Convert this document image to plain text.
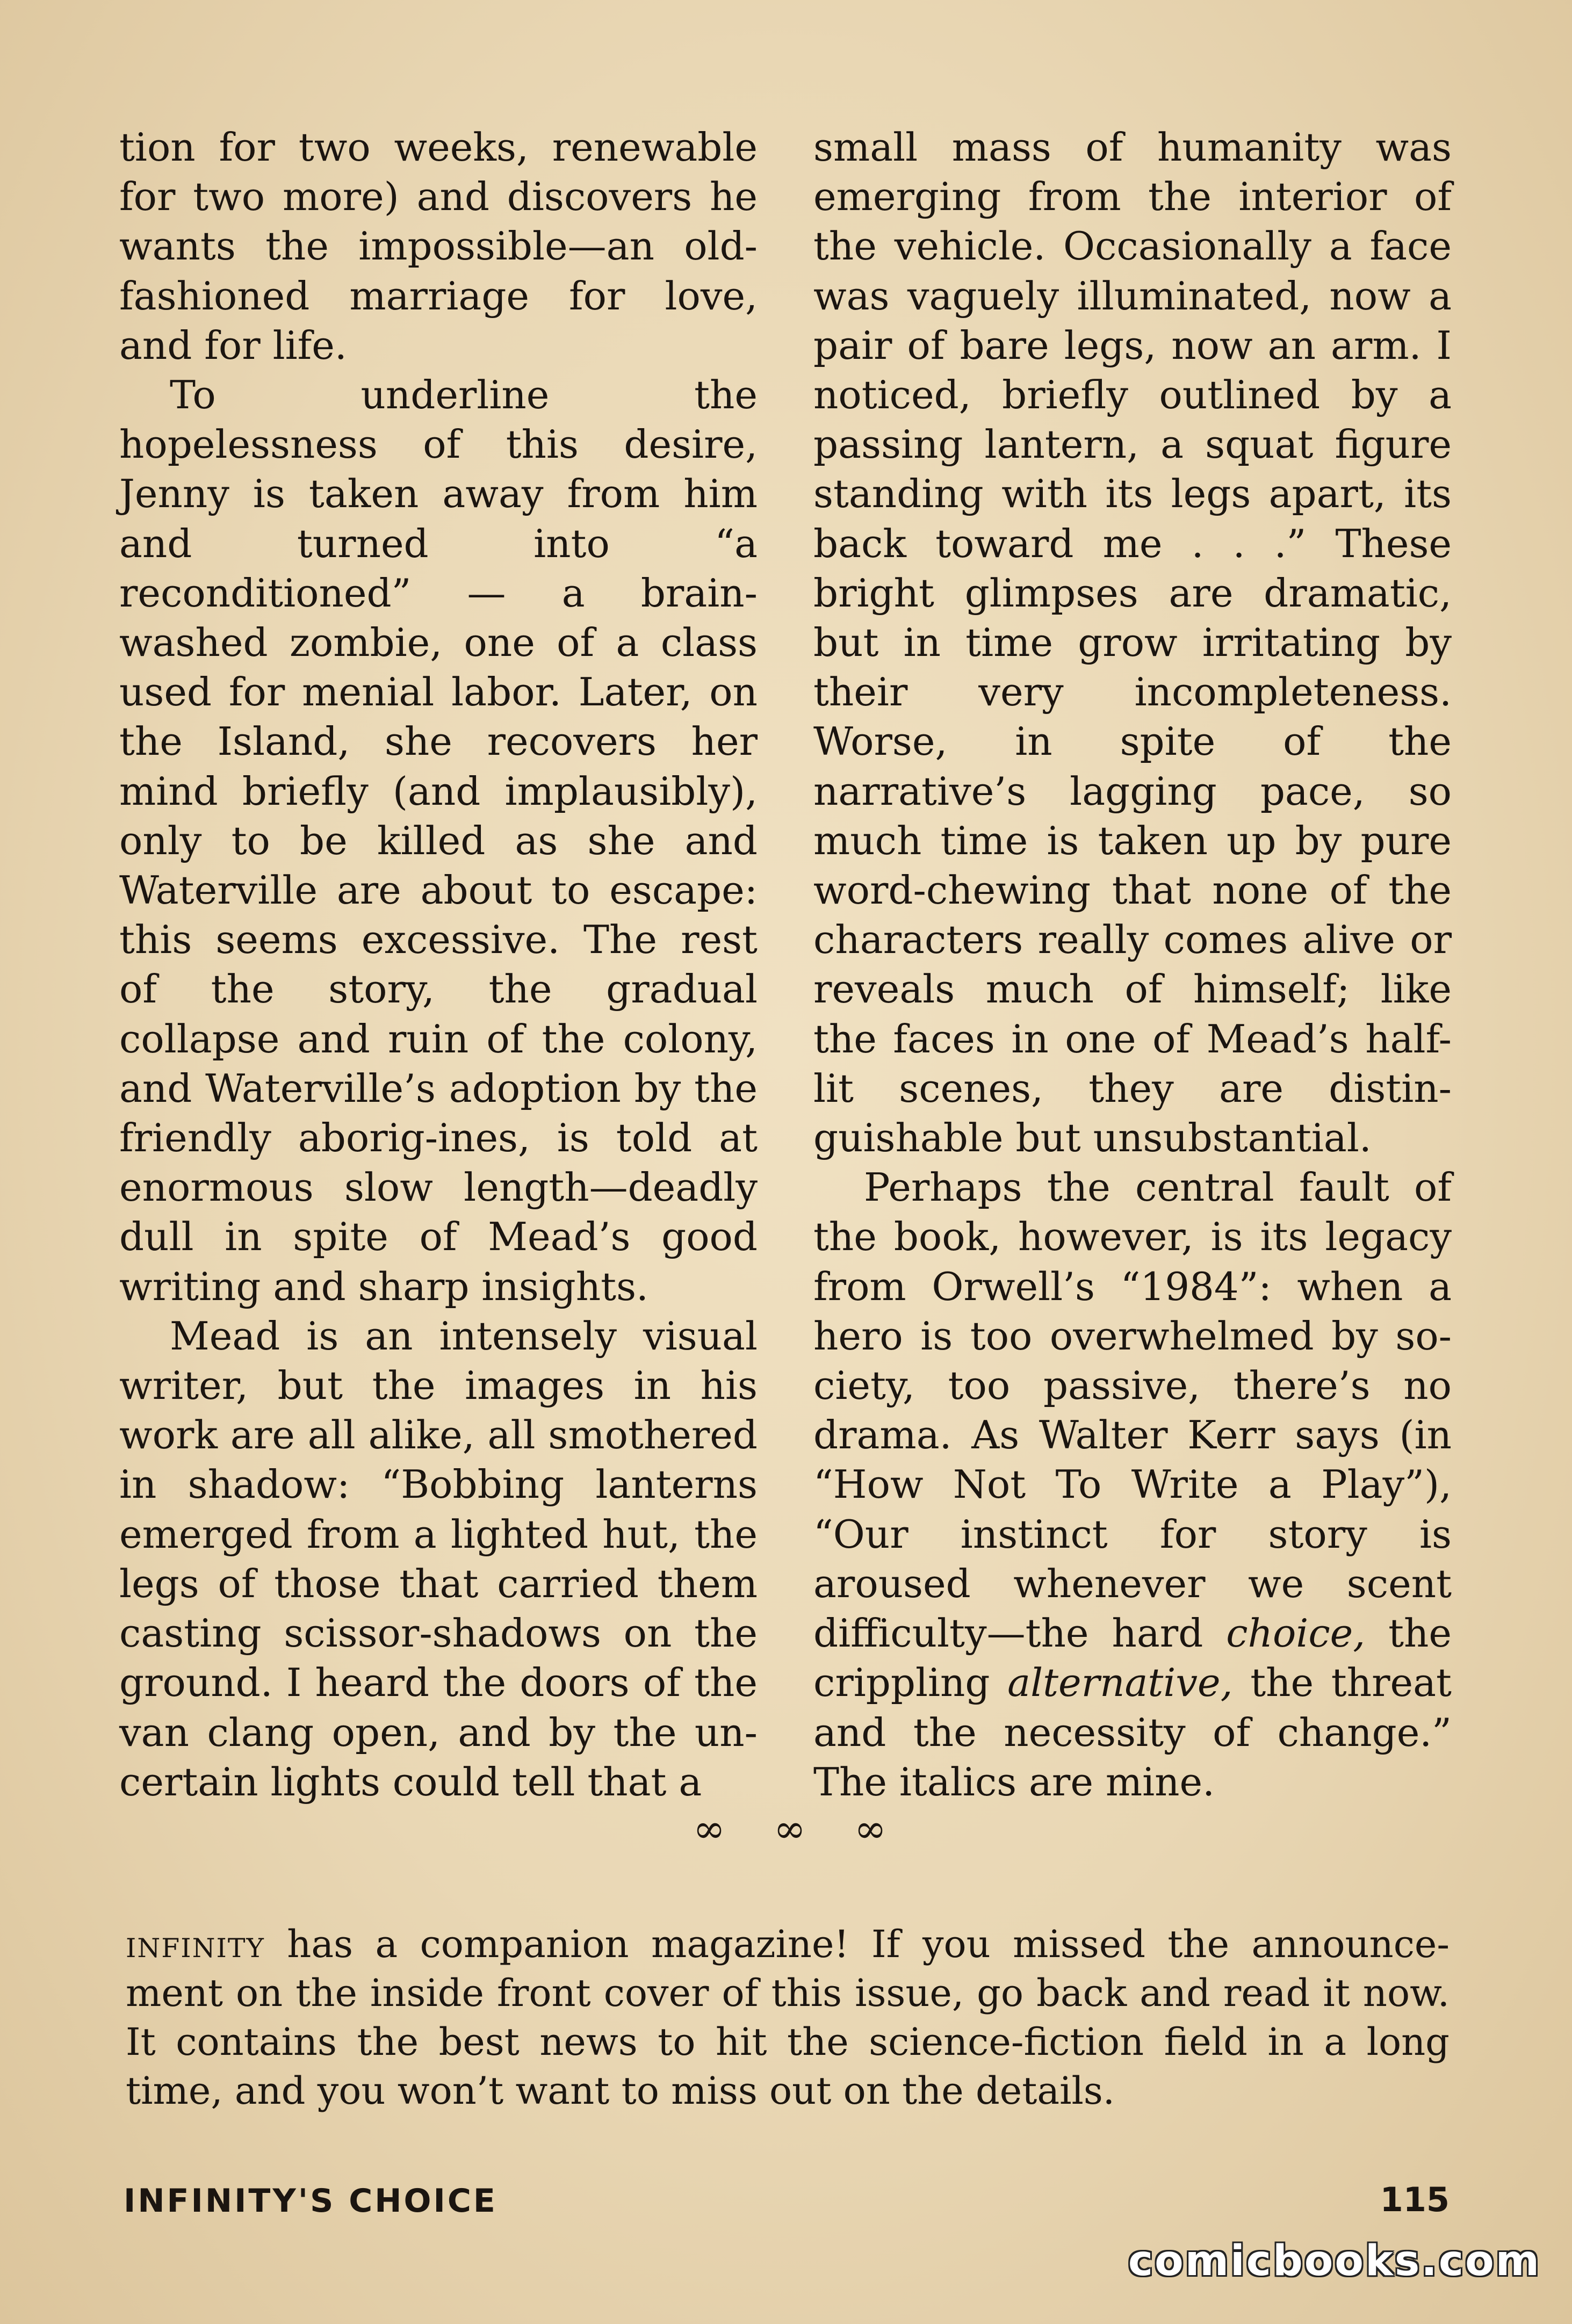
tion for two weeks, renewable for two more) and discovers he wants the impossible—an old-fashioned marriage for love, and for life.

To underline the hopelessness of this desire, Jenny is taken away from him and turned into “a reconditioned” — a brain-washed zombie, one of a class used for menial labor. Later, on the Island, she recovers her mind briefly (and implausibly), only to be killed as she and Waterville are about to escape: this seems excessive. The rest of the story, the gradual collapse and ruin of the colony, and Waterville’s adoption by the friendly aborig-ines, is told at enormous slow length—deadly dull in spite of Mead’s good writing and sharp insights.

Mead is an intensely visual writer, but the images in his work are all alike, all smothered in shadow: “Bobbing lanterns emerged from a lighted hut, the legs of those that carried them casting scissor-shadows on the ground. I heard the doors of the van clang open, and by the un-certain lights could tell that a

small mass of humanity was emerging from the interior of the vehicle. Occasionally a face was vaguely illuminated, now a pair of bare legs, now an arm. I noticed, briefly outlined by a passing lantern, a squat figure standing with its legs apart, its back toward me . . .” These bright glimpses are dramatic, but in time grow irritating by their very incompleteness. Worse, in spite of the narrative’s lagging pace, so much time is taken up by pure word-chewing that none of the characters really comes alive or reveals much of himself; like the faces in one of Mead’s half-lit scenes, they are distin-guishable but unsubstantial.

Perhaps the central fault of the book, however, is its legacy from Orwell’s “1984”: when a hero is too overwhelmed by so-ciety, too passive, there’s no drama. As Walter Kerr says (in “How Not To Write a Play”), “Our instinct for story is aroused whenever we scent difficulty—the hard choice, the crippling alternative, the threat and the necessity of change.” The italics are mine.

∞ ∞ ∞
infinity has a companion magazine! If you missed the announce-ment on the inside front cover of this issue, go back and read it now. It contains the best news to hit the science-fiction field in a long time, and you won’t want to miss out on the details.
INFINITY'S CHOICE	115
comicbooks.com
